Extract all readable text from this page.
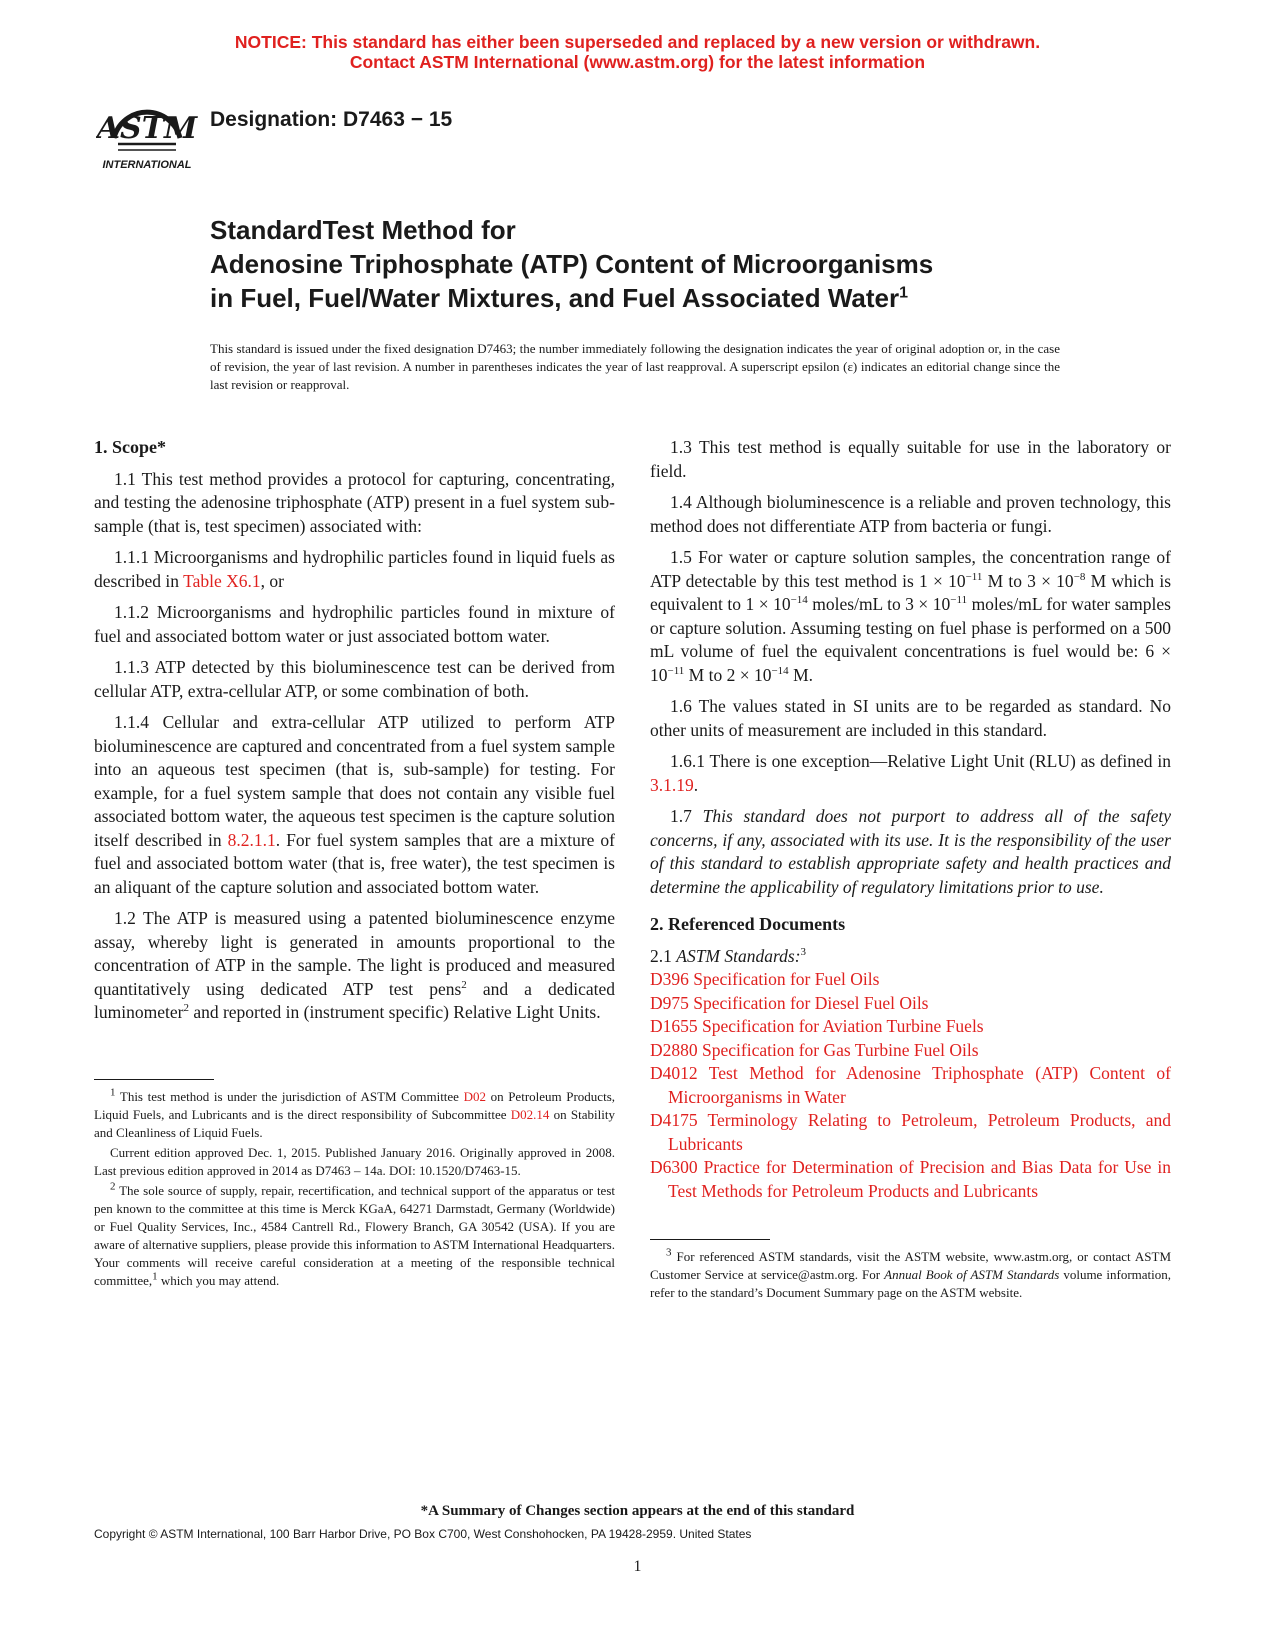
NOTICE: This standard has either been superseded and replaced by a new version or withdrawn.
Contact ASTM International (www.astm.org) for the latest information
ASTM
INTERNATIONAL
Designation: D7463 − 15
StandardTest Method for
Adenosine Triphosphate (ATP) Content of Microorganisms
in Fuel, Fuel/Water Mixtures, and Fuel Associated Water$^1$
This standard is issued under the fixed designation D7463; the number immediately following the designation indicates the year of original adoption or, in the case of revision, the year of last revision. A number in parentheses indicates the year of last reapproval. A superscript epsilon (ε) indicates an editorial change since the last revision or reapproval.
1. Scope*

1.1 This test method provides a protocol for capturing, concentrating, and testing the adenosine triphosphate (ATP) present in a fuel system sub-sample (that is, test specimen) associated with:

1.1.1 Microorganisms and hydrophilic particles found in liquid fuels as described in Table X6.1, or

1.1.2 Microorganisms and hydrophilic particles found in mixture of fuel and associated bottom water or just associated bottom water.

1.1.3 ATP detected by this bioluminescence test can be derived from cellular ATP, extra-cellular ATP, or some combination of both.

1.1.4 Cellular and extra-cellular ATP utilized to perform ATP bioluminescence are captured and concentrated from a fuel system sample into an aqueous test specimen (that is, sub-sample) for testing. For example, for a fuel system sample that does not contain any visible fuel associated bottom water, the aqueous test specimen is the capture solution itself described in 8.2.1.1. For fuel system samples that are a mixture of fuel and associated bottom water (that is, free water), the test specimen is an aliquant of the capture solution and associated bottom water.

1.2 The ATP is measured using a patented bioluminescence enzyme assay, whereby light is generated in amounts proportional to the concentration of ATP in the sample. The light is produced and measured quantitatively using dedicated ATP test pens$^2$ and a dedicated luminometer$^2$ and reported in (instrument specific) Relative Light Units.

$^1$ This test method is under the jurisdiction of ASTM Committee D02 on Petroleum Products, Liquid Fuels, and Lubricants and is the direct responsibility of Subcommittee D02.14 on Stability and Cleanliness of Liquid Fuels.

Current edition approved Dec. 1, 2015. Published January 2016. Originally approved in 2008. Last previous edition approved in 2014 as D7463 – 14a. DOI: 10.1520/D7463-15.

$^2$ The sole source of supply, repair, recertification, and technical support of the apparatus or test pen known to the committee at this time is Merck KGaA, 64271 Darmstadt, Germany (Worldwide) or Fuel Quality Services, Inc., 4584 Cantrell Rd., Flowery Branch, GA 30542 (USA). If you are aware of alternative suppliers, please provide this information to ASTM International Headquarters. Your comments will receive careful consideration at a meeting of the responsible technical committee,$^1$ which you may attend.

1.3 This test method is equally suitable for use in the laboratory or field.

1.4 Although bioluminescence is a reliable and proven technology, this method does not differentiate ATP from bacteria or fungi.

1.5 For water or capture solution samples, the concentration range of ATP detectable by this test method is $1 \times 10^{-11}$ M to $3 \times 10^{-8}$ M which is equivalent to $1 \times 10^{-14}$ moles/mL to $3 \times 10^{-11}$ moles/mL for water samples or capture solution. Assuming testing on fuel phase is performed on a 500 mL volume of fuel the equivalent concentrations is fuel would be: $6 \times 10^{-11}$ M to $2 \times 10^{-14}$ M.

1.6 The values stated in SI units are to be regarded as standard. No other units of measurement are included in this standard.

1.6.1 There is one exception—Relative Light Unit (RLU) as defined in 3.1.19.

1.7 This standard does not purport to address all of the safety concerns, if any, associated with its use. It is the responsibility of the user of this standard to establish appropriate safety and health practices and determine the applicability of regulatory limitations prior to use.

2. Referenced Documents

2.1 ASTM Standards:$^3$

D396 Specification for Fuel Oils
D975 Specification for Diesel Fuel Oils
D1655 Specification for Aviation Turbine Fuels
D2880 Specification for Gas Turbine Fuel Oils
D4012 Test Method for Adenosine Triphosphate (ATP) Content of Microorganisms in Water
D4175 Terminology Relating to Petroleum, Petroleum Products, and Lubricants
D6300 Practice for Determination of Precision and Bias Data for Use in Test Methods for Petroleum Products and Lubricants

$^3$ For referenced ASTM standards, visit the ASTM website, www.astm.org, or contact ASTM Customer Service at service@astm.org. For Annual Book of ASTM Standards volume information, refer to the standard’s Document Summary page on the ASTM website.

*A Summary of Changes section appears at the end of this standard
Copyright © ASTM International, 100 Barr Harbor Drive, PO Box C700, West Conshohocken, PA 19428-2959. United States
1
